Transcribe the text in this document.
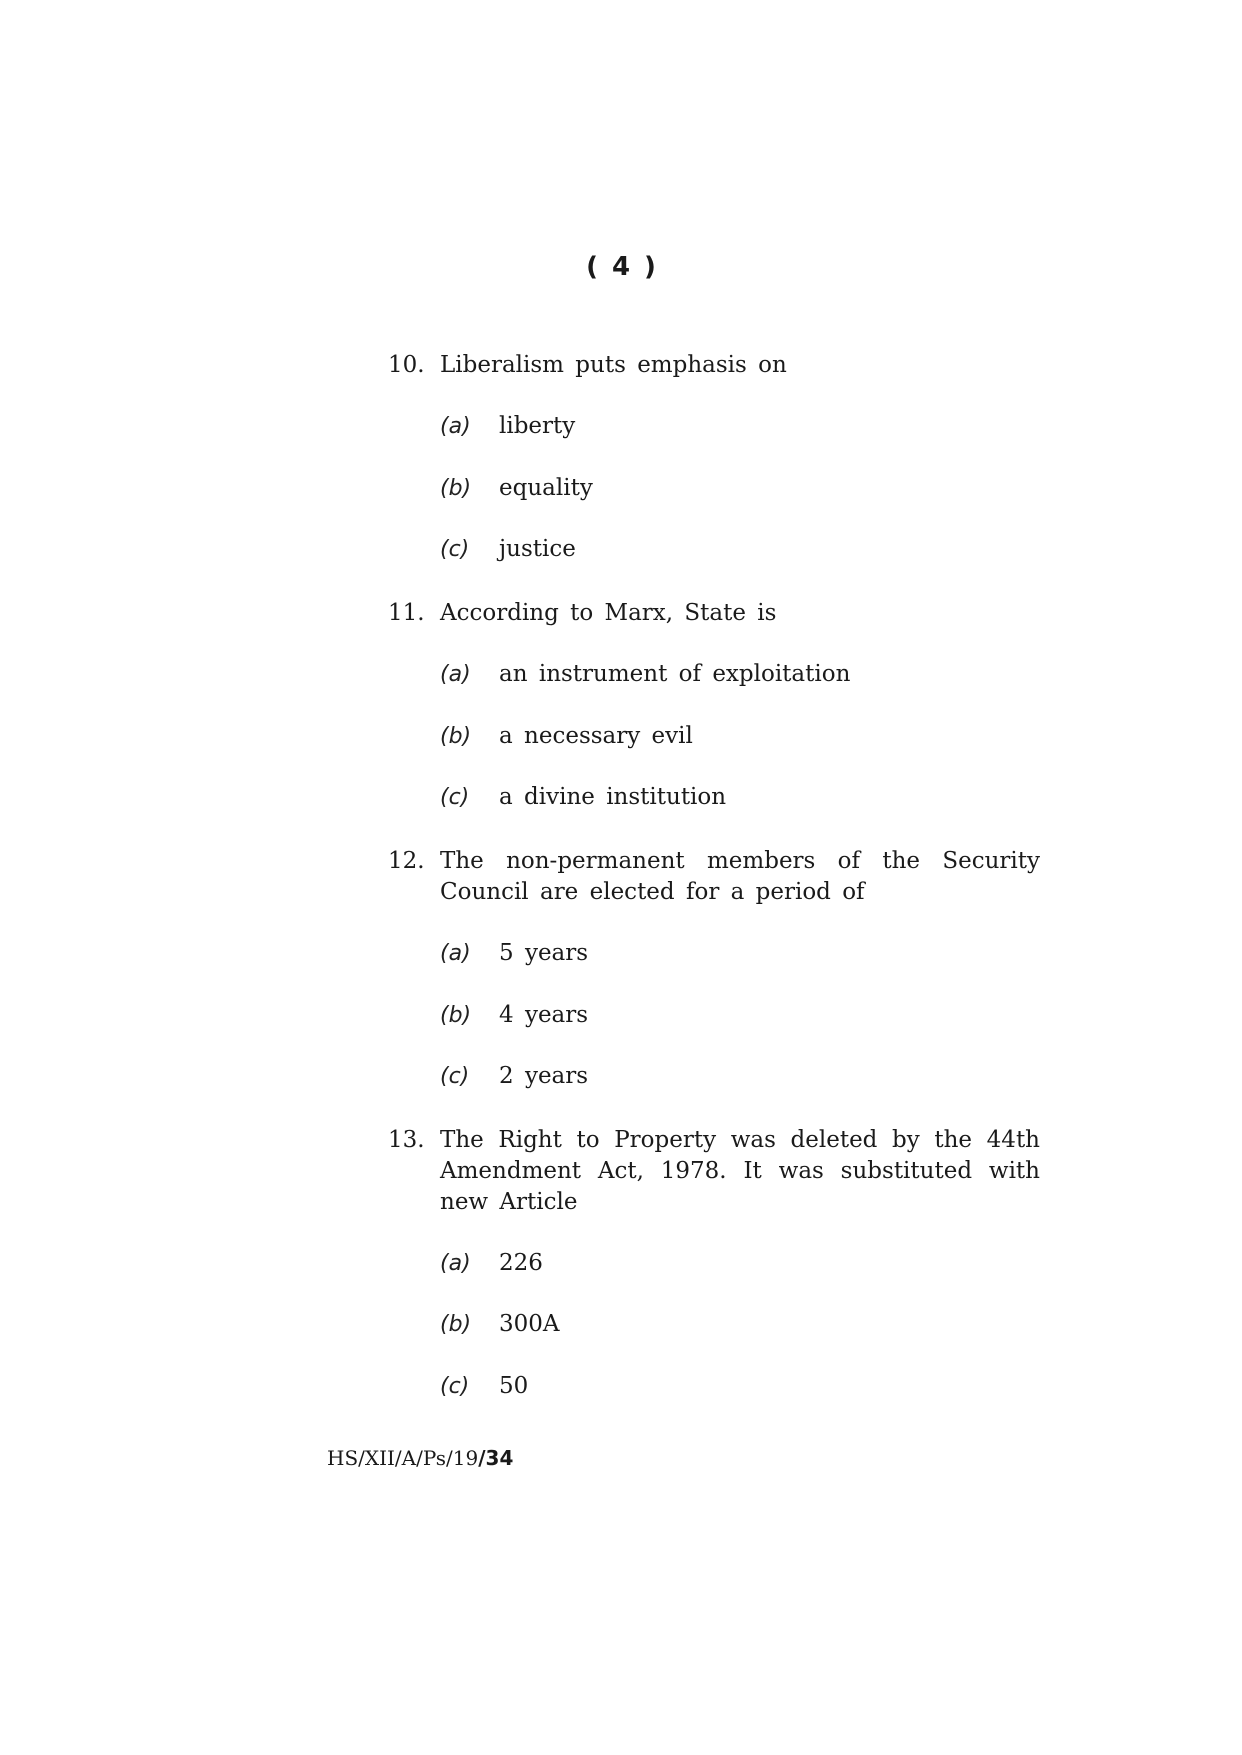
( 4 )
10. Liberalism puts emphasis on
(a) liberty
(b) equality
(c) justice
11. According to Marx, State is
(a) an instrument of exploitation
(b) a necessary evil
(c) a divine institution
12. The non-permanent members of the Security Council are elected for a period of
(a) 5 years
(b) 4 years
(c) 2 years
13. The Right to Property was deleted by the 44th Amendment Act, 1978. It was substituted with new Article
(a) 226
(b) 300A
(c) 50
HS/XII/A/Ps/19/34
